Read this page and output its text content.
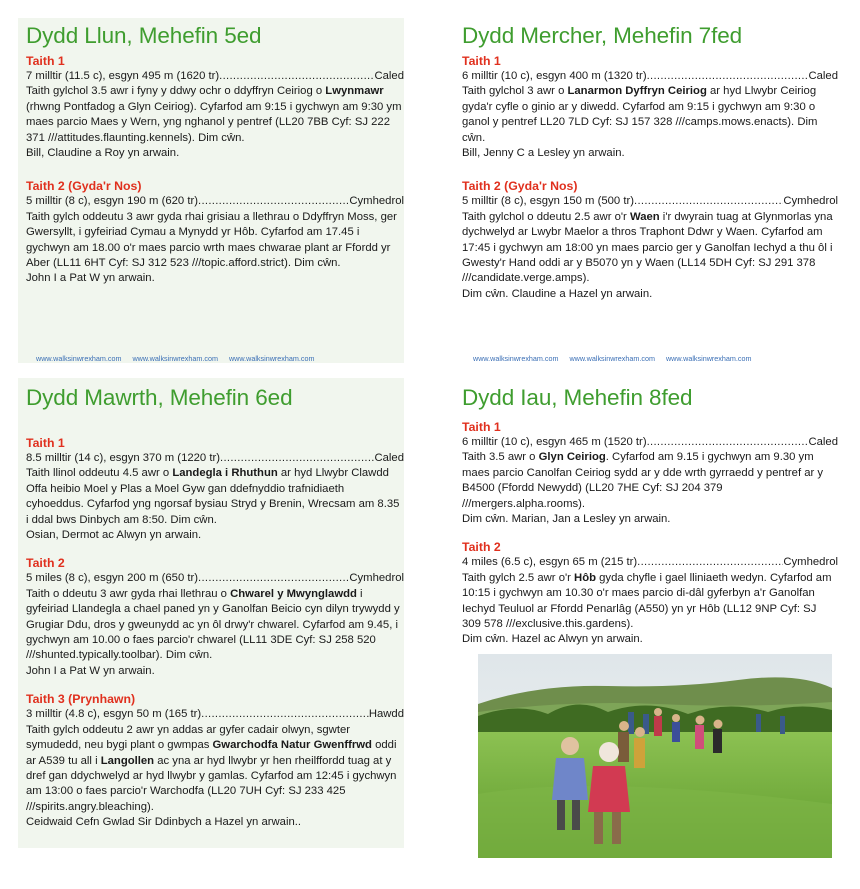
Dydd Llun, Mehefin 5ed
Taith 1

7 milltir (11.5 c), esgyn 495 m (1620 tr) .....	Caled

Taith gylchol 3.5 awr i fyny y ddwy ochr o ddyffryn Ceiriog o Lwynmawr (rhwng Pontfadog a Glyn Ceiriog). Cyfarfod am 9:15 i gychwyn am 9:30 ym maes parcio Maes y Wern, yng nghanol y pentref (LL20 7BB Cyf: SJ 222 371 ///attitudes.flaunting.kennels). Dim cŵn.

Bill, Claudine a Roy yn arwain.

Taith 2 (Gyda'r Nos)

5 milltir (8 c), esgyn 190 m (620 tr) .....	Cymhedrol

Taith gylch oddeutu 3 awr gyda rhai grisiau a llethrau o Ddyffryn Moss, ger Gwersyllt, i gyfeiriad Cymau a Mynydd yr Hôb. Cyfarfod am 17.45 i gychwyn am 18.00 o'r maes parcio wrth maes chwarae plant ar Ffordd yr Aber (LL11 6HT Cyf: SJ 312 523 ///topic.afford.strict). Dim cŵn.

John I a Pat W yn arwain.

www.walksinwrexham.com www.walksinwrexham.com www.walksinwrexham.com
Dydd Mercher, Mehefin 7fed
Taith 1

6 milltir (10 c), esgyn 400 m (1320 tr) .....	Caled

Taith gylchol 3 awr o Lanarmon Dyffryn Ceiriog ar hyd Llwybr Ceiriog gyda'r cyfle o ginio ar y diwedd. Cyfarfod am 9:15 i gychwyn am 9:30 o ganol y pentref LL20 7LD Cyf: SJ 157 328 ///camps.mows.enacts). Dim cŵn.

Bill, Jenny C a Lesley yn arwain.

Taith 2 (Gyda'r Nos)

5 milltir (8 c), esgyn 150 m (500 tr) .....	Cymhedrol

Taith gylchol o ddeutu 2.5 awr o'r Waen i'r dwyrain tuag at Glynmorlas yna dychwelyd ar Lwybr Maelor a thros Traphont Ddwr y Waen. Cyfarfod am 17:45 i gychwyn am 18:00 yn maes parcio ger y Ganolfan Iechyd a thu ôl i Gwesty'r Hand oddi ar y B5070 yn y Waen (LL14 5DH Cyf: SJ 291 378 ///candidate.verge.amps).

Dim cŵn. Claudine a Hazel yn arwain.

www.walksinwrexham.com www.walksinwrexham.com www.walksinwrexham.com
Dydd Mawrth, Mehefin 6ed
Taith 1

8.5 milltir (14 c), esgyn 370 m (1220 tr) .....	Caled

Taith llinol oddeutu 4.5 awr o Landegla i Rhuthun ar hyd Llwybr Clawdd Offa heibio Moel y Plas a Moel Gyw gan ddefnyddio trafnidiaeth cyhoeddus. Cyfarfod yng ngorsaf bysiau Stryd y Brenin, Wrecsam am 8.35 i ddal bws Dinbych am 8:50. Dim cŵn.

Osian, Dermot ac Alwyn yn arwain.

Taith 2

5 miles (8 c), esgyn 200 m (650 tr) .....	Cymhedrol

Taith o ddeutu 3 awr gyda rhai llethrau o Chwarel y Mwynglawdd i gyfeiriad Llandegla a chael paned yn y Ganolfan Beicio cyn dilyn trywydd y Grugiar Ddu, dros y gweunydd ac yn ôl drwy'r chwarel. Cyfarfod am 9.45, i gychwyn am 10.00 o faes parcio'r chwarel (LL11 3DE Cyf: SJ 258 520 ///shunted.typically.toolbar). Dim cŵn.

John I a Pat W yn arwain.

Taith 3 (Prynhawn)

3 milltir (4.8 c), esgyn 50 m (165 tr) .....	Hawdd

Taith gylch oddeutu 2 awr yn addas ar gyfer cadair olwyn, sgwter symudedd, neu bygi plant o gwmpas Gwarchodfa Natur Gwenffrwd oddi ar A539 tu all i Langollen ac yna ar hyd llwybr yr hen rheilffordd tuag at y dref gan ddychwelyd ar hyd llwybr y gamlas. Cyfarfod am 12:45 i gychwyn am 13:00 o faes parcio'r Warchodfa (LL20 7UH Cyf: SJ 233 425 ///spirits.angry.bleaching).

Ceidwaid Cefn Gwlad Sir Ddinbych a Hazel yn arwain..

Dydd Iau, Mehefin 8fed
Taith 1

6 milltir (10 c), esgyn 465 m (1520 tr) .....	Caled

Taith 3.5 awr o Glyn Ceiriog. Cyfarfod am 9.15 i gychwyn am 9.30 ym maes parcio Canolfan Ceiriog sydd ar y dde wrth gyrraedd y pentref ar y B4500 (Ffordd Newydd) (LL20 7HE Cyf: SJ 204 379 ///mergers.alpha.rooms).

Dim cŵn. Marian, Jan a Lesley yn arwain.

Taith 2

4 miles (6.5 c), esgyn 65 m (215 tr) .....	Cymhedrol

Taith gylch 2.5 awr o'r Hôb gyda chyfle i gael lliniaeth wedyn. Cyfarfod am 10:15 i gychwyn am 10.30 o'r maes parcio di-dâl gyferbyn a'r Ganolfan Iechyd Teuluol ar Ffordd Penarlâg (A550) yn yr Hôb (LL12 9NP Cyf: SJ 309 578 ///exclusive.this.gardens).

Dim cŵn. Hazel ac Alwyn yn arwain.
